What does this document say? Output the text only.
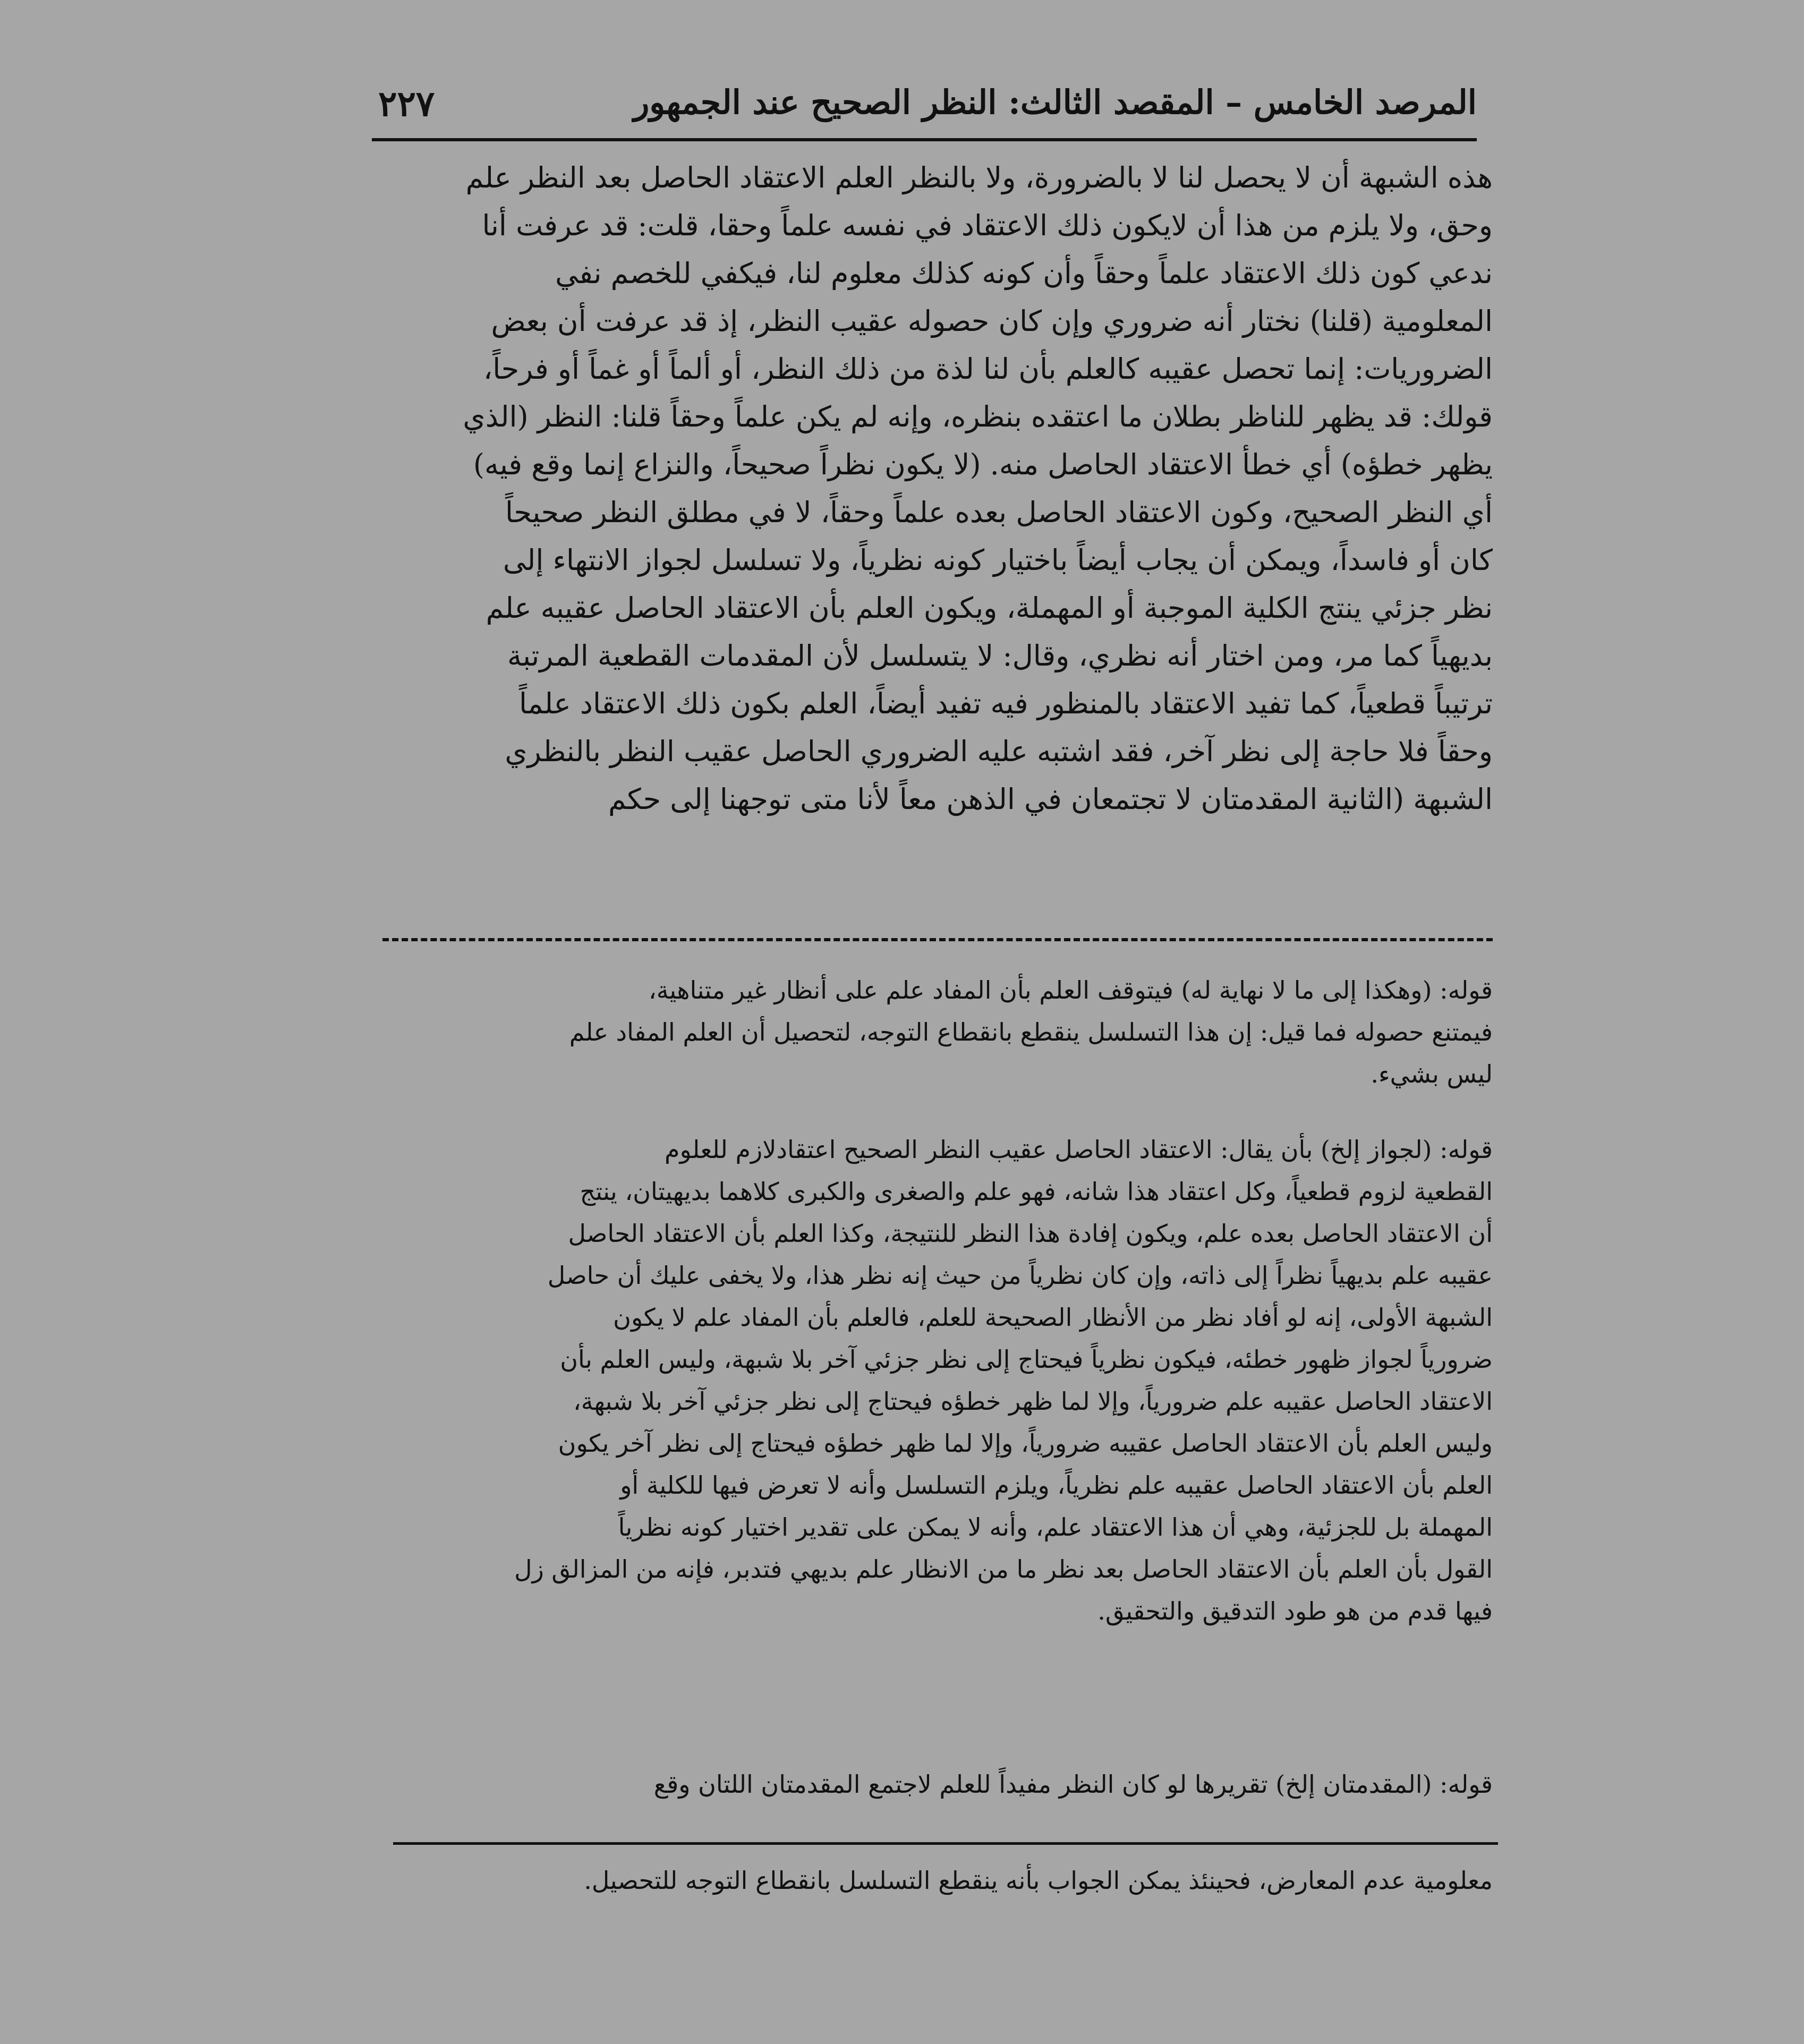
المرصد الخامس – المقصد الثالث: النظر الصحيح عند الجمهور
٢٢٧
هذه الشبهة أن لا يحصل لنا لا بالضرورة، ولا بالنظر العلم الاعتقاد الحاصل بعد النظر علم
وحق، ولا يلزم من هذا أن لايكون ذلك الاعتقاد في نفسه علماً وحقا، قلت: قد عرفت أنا
ندعي كون ذلك الاعتقاد علماً وحقاً وأن كونه كذلك معلوم لنا، فيكفي للخصم نفي
المعلومية (قلنا) نختار أنه ضروري وإن كان حصوله عقيب النظر، إذ قد عرفت أن بعض
الضروريات: إنما تحصل عقيبه كالعلم بأن لنا لذة من ذلك النظر، أو ألماً أو غماً أو فرحاً،
قولك: قد يظهر للناظر بطلان ما اعتقده بنظره، وإنه لم يكن علماً وحقاً قلنا: النظر (الذي
يظهر خطؤه) أي خطأ الاعتقاد الحاصل منه. (لا يكون نظراً صحيحاً، والنزاع إنما وقع فيه)
أي النظر الصحيح، وكون الاعتقاد الحاصل بعده علماً وحقاً، لا في مطلق النظر صحيحاً
كان أو فاسداً، ويمكن أن يجاب أيضاً باختيار كونه نظرياً، ولا تسلسل لجواز الانتهاء إلى
نظر جزئي ينتج الكلية الموجبة أو المهملة، ويكون العلم بأن الاعتقاد الحاصل عقيبه علم
بديهياً كما مر، ومن اختار أنه نظري، وقال: لا يتسلسل لأن المقدمات القطعية المرتبة
ترتيباً قطعياً، كما تفيد الاعتقاد بالمنظور فيه تفيد أيضاً، العلم بكون ذلك الاعتقاد علماً
وحقاً فلا حاجة إلى نظر آخر، فقد اشتبه عليه الضروري الحاصل عقيب النظر بالنظري
الشبهة (الثانية المقدمتان لا تجتمعان في الذهن معاً لأنا متى توجهنا إلى حكم
قوله: (وهكذا إلى ما لا نهاية له) فيتوقف العلم بأن المفاد علم على أنظار غير متناهية،
فيمتنع حصوله فما قيل: إن هذا التسلسل ينقطع بانقطاع التوجه، لتحصيل أن العلم المفاد علم
ليس بشيء.
قوله: (لجواز إلخ) بأن يقال: الاعتقاد الحاصل عقيب النظر الصحيح اعتقادلازم للعلوم
القطعية لزوم قطعياً، وكل اعتقاد هذا شانه، فهو علم والصغرى والكبرى كلاهما بديهيتان، ينتج
أن الاعتقاد الحاصل بعده علم، ويكون إفادة هذا النظر للنتيجة، وكذا العلم بأن الاعتقاد الحاصل
عقيبه علم بديهياً نظراً إلى ذاته، وإن كان نظرياً من حيث إنه نظر هذا، ولا يخفى عليك أن حاصل
الشبهة الأولى، إنه لو أفاد نظر من الأنظار الصحيحة للعلم، فالعلم بأن المفاد علم لا يكون
ضرورياً لجواز ظهور خطئه، فيكون نظرياً فيحتاج إلى نظر جزئي آخر بلا شبهة، وليس العلم بأن
الاعتقاد الحاصل عقيبه علم ضرورياً، وإلا لما ظهر خطؤه فيحتاج إلى نظر جزئي آخر بلا شبهة،
وليس العلم بأن الاعتقاد الحاصل عقيبه ضرورياً، وإلا لما ظهر خطؤه فيحتاج إلى نظر آخر يكون
العلم بأن الاعتقاد الحاصل عقيبه علم نظرياً، ويلزم التسلسل وأنه لا تعرض فيها للكلية أو
المهملة بل للجزئية، وهي أن هذا الاعتقاد علم، وأنه لا يمكن على تقدير اختيار كونه نظرياً
القول بأن العلم بأن الاعتقاد الحاصل بعد نظر ما من الانظار علم بديهي فتدبر، فإنه من المزالق زل
فيها قدم من هو طود التدقيق والتحقيق.
قوله: (المقدمتان إلخ) تقريرها لو كان النظر مفيداً للعلم لاجتمع المقدمتان اللتان وقع
معلومية عدم المعارض، فحينئذ يمكن الجواب بأنه ينقطع التسلسل بانقطاع التوجه للتحصيل.
